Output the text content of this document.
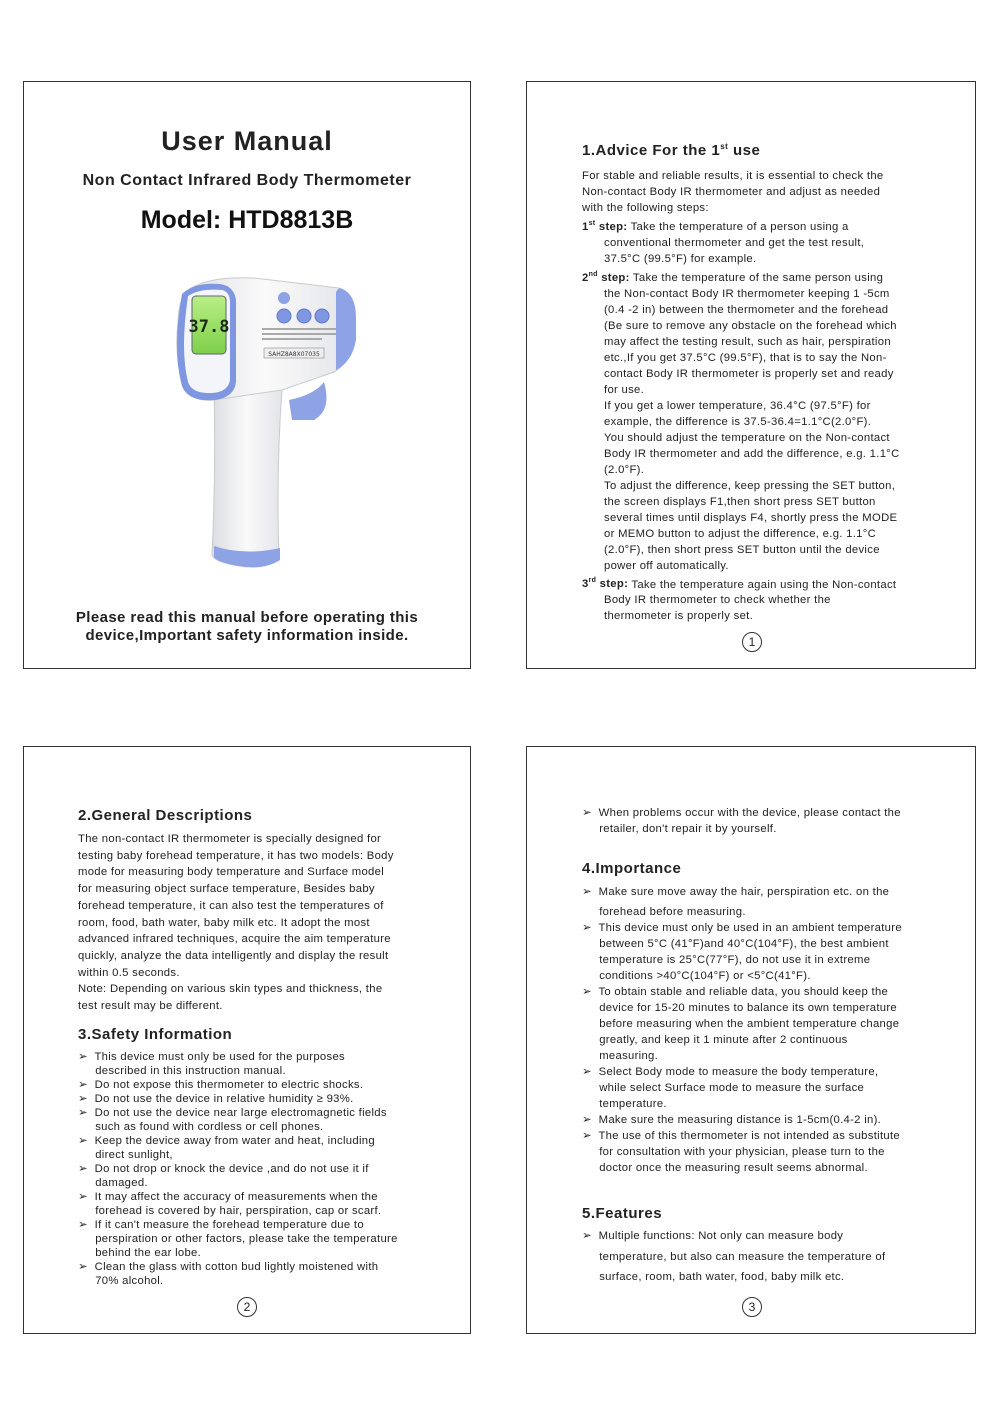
User Manual
Non Contact Infrared Body Thermometer
Model: HTD8813B
37.8
SAHZ8A8X07035
Please read this manual before operating this
device,Important safety information inside.
1.Advice For the 1st use

For stable and reliable results, it is essential to check the

Non-contact Body IR thermometer and adjust as needed

with the following steps:

1st step: Take the temperature of a person using a

conventional thermometer and get the test result,

37.5°C (99.5°F) for example.

2nd step: Take the temperature of the same person using

the Non-contact Body IR thermometer keeping 1 -5cm

(0.4 -2 in) between the thermometer and the forehead

(Be sure to remove any obstacle on the forehead which

may affect the testing result, such as hair, perspiration

etc.,If you get 37.5°C (99.5°F), that is to say the Non-

contact Body IR thermometer is properly set and ready

for use.

If you get a lower temperature, 36.4°C (97.5°F) for

example, the difference is 37.5-36.4=1.1°C(2.0°F).

You should adjust the temperature on the Non-contact

Body IR thermometer and add the difference, e.g. 1.1°C

(2.0°F).

To adjust the difference, keep pressing the SET button,

the screen displays F1,then short press SET button

several times until displays F4, shortly press the MODE

or MEMO button to adjust the difference, e.g. 1.1°C

(2.0°F), then short press SET button until the device

power off automatically.

3rd step: Take the temperature again using the Non-contact

Body IR thermometer to check whether the

thermometer is properly set.

1
2.General Descriptions

The non-contact IR thermometer is specially designed for

testing baby forehead temperature, it has two models: Body

mode for measuring body temperature and Surface model

for measuring object surface temperature, Besides baby

forehead temperature, it can also test the temperatures of

room, food, bath water, baby milk etc. It adopt the most

advanced infrared techniques, acquire the aim temperature

quickly, analyze the data intelligently and display the result

within 0.5 seconds.

Note: Depending on various skin types and thickness, the

test result may be different.

3.Safety Information

➢  This device must only be used for the purposes

described in this instruction manual.

➢  Do not expose this thermometer to electric shocks.

➢  Do not use the device in relative humidity ≥ 93%.

➢  Do not use the device near large electromagnetic fields

such as found with cordless or cell phones.

➢  Keep the device away from water and heat, including

direct sunlight,

➢  Do not drop or knock the device ,and do not use it if

damaged.

➢  It may affect the accuracy of measurements when the

forehead is covered by hair, perspiration, cap or scarf.

➢  If it can't measure the forehead temperature due to

perspiration or other factors, please take the temperature

behind the ear lobe.

➢  Clean the glass with cotton bud lightly moistened with

70% alcohol.

2

➢  When problems occur with the device, please contact the

retailer, don't repair it by yourself.

4.Importance

➢  Make sure move away the hair, perspiration etc. on the

forehead before measuring.

➢  This device must only be used in an ambient temperature

between 5°C (41°F)and 40°C(104°F), the best ambient

temperature is 25°C(77°F), do not use it in extreme

conditions >40°C(104°F) or <5°C(41°F).

➢  To obtain stable and reliable data, you should keep the

device for 15-20 minutes to balance its own temperature

before measuring when the ambient temperature change

greatly, and keep it 1 minute after 2 continuous

measuring.

➢  Select Body mode to measure the body temperature,

while select Surface mode to measure the surface

temperature.

➢  Make sure the measuring distance is 1-5cm(0.4-2 in).

➢  The use of this thermometer is not intended as substitute

for consultation with your physician, please turn to the

doctor once the measuring result seems abnormal.

5.Features

➢  Multiple functions: Not only can measure body

temperature, but also can measure the temperature of

surface, room, bath water, food, baby milk etc.

3
